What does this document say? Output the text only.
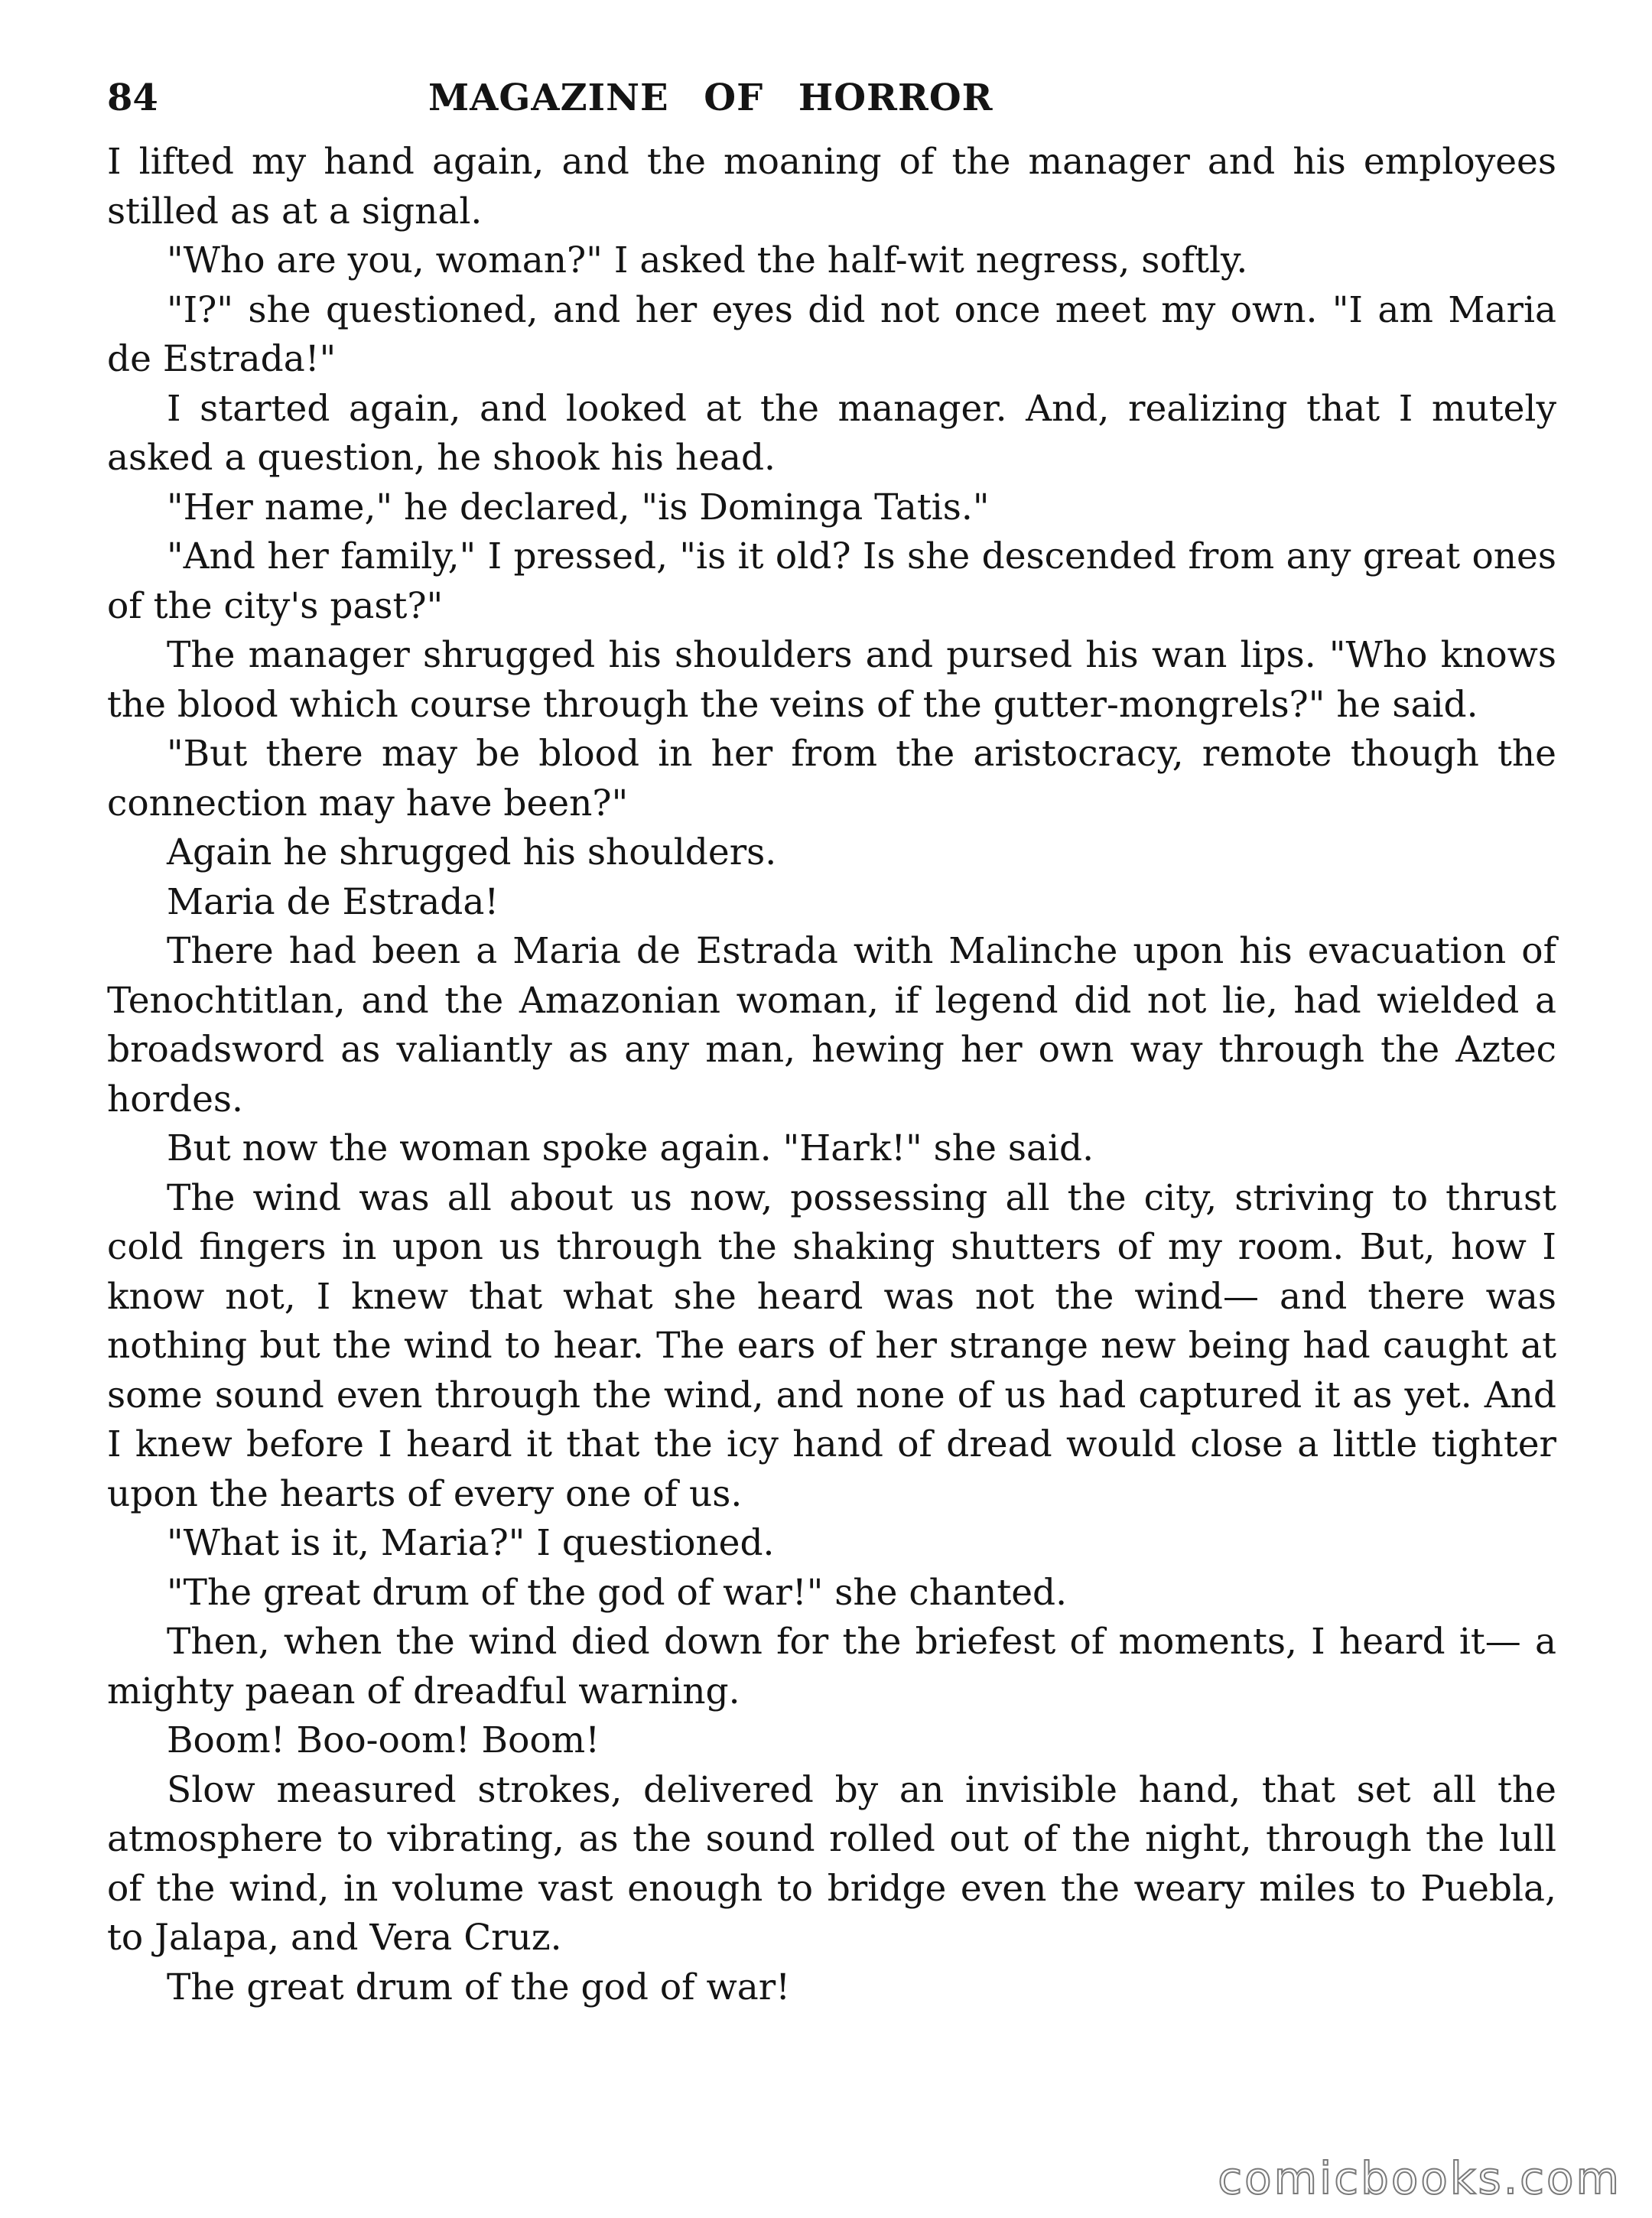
84	MAGAZINE OF HORROR

I lifted my hand again, and the moaning of the manager and his employees stilled as at a signal.

"Who are you, woman?" I asked the half-wit negress, softly.

"I?" she questioned, and her eyes did not once meet my own. "I am Maria de Estrada!"

I started again, and looked at the manager. And, realizing that I mutely asked a question, he shook his head.

"Her name," he declared, "is Dominga Tatis."

"And her family," I pressed, "is it old? Is she descended from any great ones of the city's past?"

The manager shrugged his shoulders and pursed his wan lips. "Who knows the blood which course through the veins of the gutter-mongrels?" he said.

"But there may be blood in her from the aristocracy, remote though the connection may have been?"

Again he shrugged his shoulders.

Maria de Estrada!

There had been a Maria de Estrada with Malinche upon his evacuation of Tenochtitlan, and the Amazonian woman, if legend did not lie, had wielded a broadsword as valiantly as any man, hewing her own way through the Aztec hordes.

But now the woman spoke again. "Hark!" she said.

The wind was all about us now, possessing all the city, striving to thrust cold fingers in upon us through the shaking shutters of my room. But, how I know not, I knew that what she heard was not the wind— and there was nothing but the wind to hear. The ears of her strange new being had caught at some sound even through the wind, and none of us had captured it as yet. And I knew before I heard it that the icy hand of dread would close a little tighter upon the hearts of every one of us.

"What is it, Maria?" I questioned.

"The great drum of the god of war!" she chanted.

Then, when the wind died down for the briefest of moments, I heard it— a mighty paean of dreadful warning.

Boom! Boo-oom! Boom!

Slow measured strokes, delivered by an invisible hand, that set all the atmosphere to vibrating, as the sound rolled out of the night, through the lull of the wind, in volume vast enough to bridge even the weary miles to Puebla, to Jalapa, and Vera Cruz.

The great drum of the god of war!

comicbooks.com
